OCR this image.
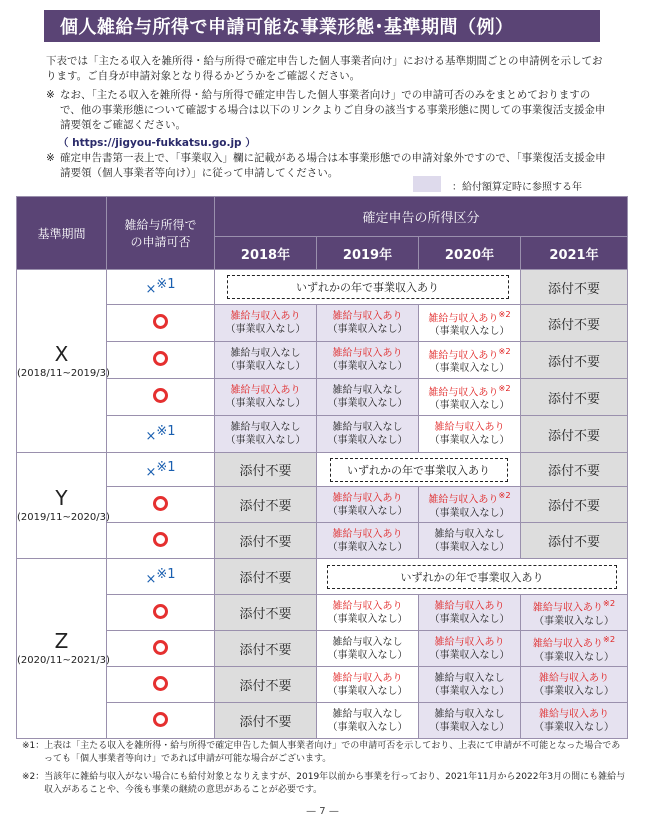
個人雑給与所得で申請可能な事業形態･基準期間（例）
下表では「主たる収入を雑所得・給与所得で確定申告した個人事業者向け」における基準期間ごとの申請例を示しております。ご自身が申請対象となり得るかどうかをご確認ください。
※ なお、「主たる収入を雑所得・給与所得で確定申告した個人事業者向け」での申請可否のみをまとめておりますので、他の事業形態について確認する場合は以下のリンクよりご自身の該当する事業形態に関しての事業復活支援金申請要領をご確認ください。
（ https://jigyou-fukkatsu.go.jp ）
※ 確定申告書第一表上で、「事業収入」欄に記載がある場合は本事業形態での申請対象外ですので、「事業復活支援金申請要領（個人事業者等向け）」に従って申請してください。
：給付額算定時に参照する年
基準期間	雑給与所得での申請可否	確定申告の所得区分			
		2018年	2019年	2020年	2021年

X
(2018/11~2019/3)	×$^{※1}$	いずれかの年で事業収入あり			添付不要
		雑給与収入あり
（事業収入なし）	雑給与収入あり
（事業収入なし）	雑給与収入あり$^{※2}$
（事業収入なし）	添付不要
		雑給与収入なし
（事業収入なし）	雑給与収入あり
（事業収入なし）	雑給与収入あり$^{※2}$
（事業収入なし）	添付不要
		雑給与収入あり
（事業収入なし）	雑給与収入なし
（事業収入なし）	雑給与収入あり$^{※2}$
（事業収入なし）	添付不要
	×$^{※1}$	雑給与収入なし
（事業収入なし）	雑給与収入なし
（事業収入なし）	雑給与収入あり
（事業収入なし）	添付不要

Y
(2019/11~2020/3)	×$^{※1}$	添付不要	いずれかの年で事業収入あり		添付不要
		添付不要	雑給与収入あり
（事業収入なし）	雑給与収入あり$^{※2}$
（事業収入なし）	添付不要
		添付不要	雑給与収入あり
（事業収入なし）	雑給与収入なし
（事業収入なし）	添付不要

Z
(2020/11~2021/3)	×$^{※1}$	添付不要	いずれかの年で事業収入あり		
		添付不要	雑給与収入あり
（事業収入なし）	雑給与収入あり
（事業収入なし）	雑給与収入あり$^{※2}$
（事業収入なし）
		添付不要	雑給与収入なし
（事業収入なし）	雑給与収入あり
（事業収入なし）	雑給与収入あり$^{※2}$
（事業収入なし）
		添付不要	雑給与収入あり
（事業収入なし）	雑給与収入なし
（事業収入なし）	雑給与収入あり
（事業収入なし）
		添付不要	雑給与収入なし
（事業収入なし）	雑給与収入なし
（事業収入なし）	雑給与収入あり
（事業収入なし）
※1：上表は「主たる収入を雑所得・給与所得で確定申告した個人事業者向け」での申請可否を示しており、上表にて申請が不可能となった場合であっても「個人事業者等向け」であれば申請が可能な場合がございます。
※2：当該年に雑給与収入がない場合にも給付対象となりえますが、2019年以前から事業を行っており、2021年11月から2022年3月の間にも雑給与収入があることや、今後も事業の継続の意思があることが必要です。
— 7 —
